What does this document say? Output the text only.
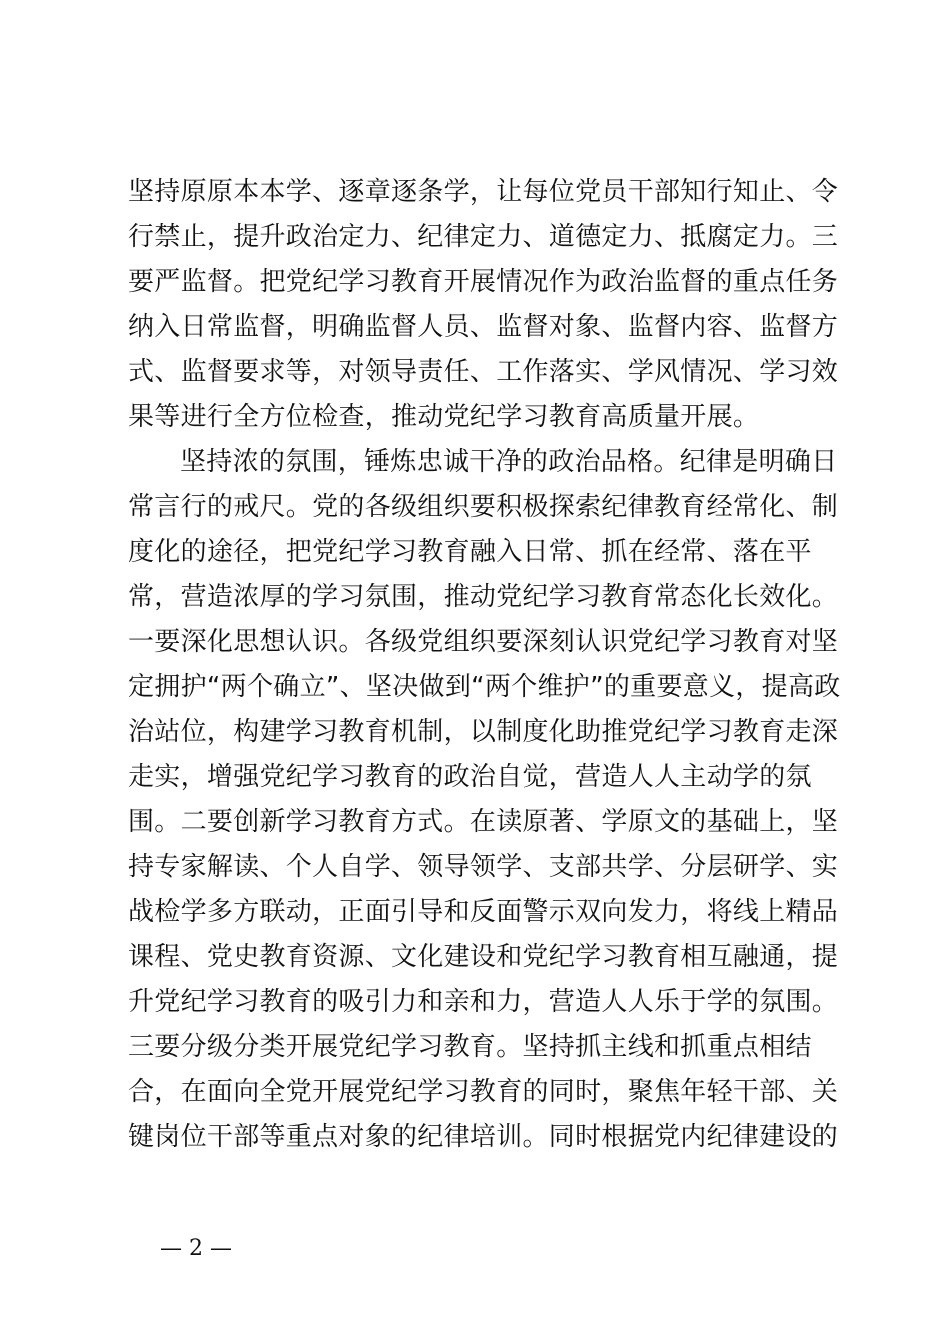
坚持原原本本学、逐章逐条学，让每位党员干部知行知止、令
行禁止，提升政治定力、纪律定力、道德定力、抵腐定力。三
要严监督。把党纪学习教育开展情况作为政治监督的重点任务
纳入日常监督，明确监督人员、监督对象、监督内容、监督方
式、监督要求等，对领导责任、工作落实、学风情况、学习效
果等进行全方位检查，推动党纪学习教育高质量开展。
坚持浓的氛围，锤炼忠诚干净的政治品格。纪律是明确日
常言行的戒尺。党的各级组织要积极探索纪律教育经常化、制
度化的途径，把党纪学习教育融入日常、抓在经常、落在平
常，营造浓厚的学习氛围，推动党纪学习教育常态化长效化。
一要深化思想认识。各级党组织要深刻认识党纪学习教育对坚
定拥护“两个确立”、坚决做到“两个维护”的重要意义，提高政
治站位，构建学习教育机制，以制度化助推党纪学习教育走深
走实，增强党纪学习教育的政治自觉，营造人人主动学的氛
围。二要创新学习教育方式。在读原著、学原文的基础上，坚
持专家解读、个人自学、领导领学、支部共学、分层研学、实
战检学多方联动，正面引导和反面警示双向发力，将线上精品
课程、党史教育资源、文化建设和党纪学习教育相互融通，提
升党纪学习教育的吸引力和亲和力，营造人人乐于学的氛围。
三要分级分类开展党纪学习教育。坚持抓主线和抓重点相结
合，在面向全党开展党纪学习教育的同时，聚焦年轻干部、关
键岗位干部等重点对象的纪律培训。同时根据党内纪律建设的
— 2 —
